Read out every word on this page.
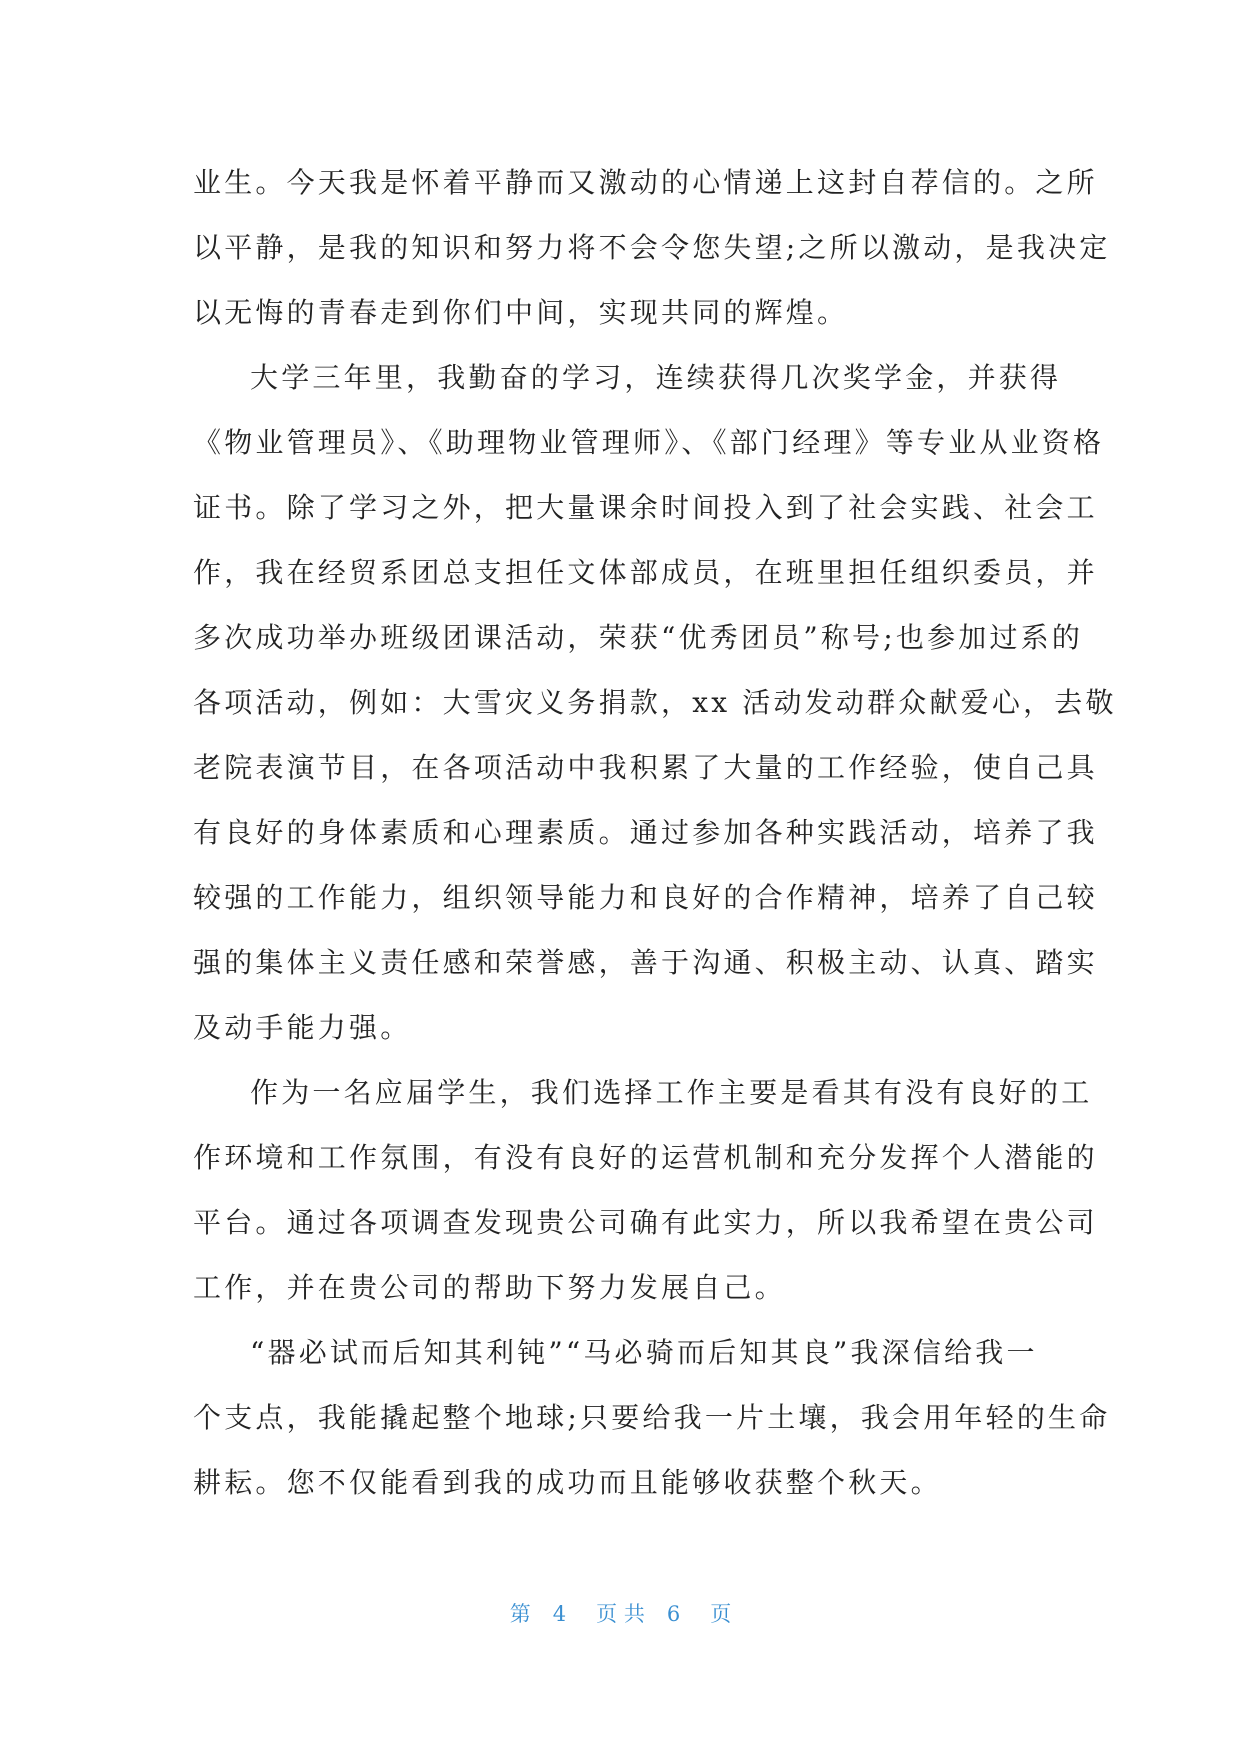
业生。今天我是怀着平静而又激动的心情递上这封自荐信的。之所
以平静，是我的知识和努力将不会令您失望;之所以激动，是我决定
以无悔的青春走到你们中间，实现共同的辉煌。
大学三年里，我勤奋的学习，连续获得几次奖学金，并获得
《物业管理员》、《助理物业管理师》、《部门经理》等专业从业资格
证书。除了学习之外，把大量课余时间投入到了社会实践、社会工
作，我在经贸系团总支担任文体部成员，在班里担任组织委员，并
多次成功举办班级团课活动，荣获“优秀团员”称号;也参加过系的
各项活动，例如：大雪灾义务捐款，xx 活动发动群众献爱心，去敬
老院表演节目，在各项活动中我积累了大量的工作经验，使自己具
有良好的身体素质和心理素质。通过参加各种实践活动，培养了我
较强的工作能力，组织领导能力和良好的合作精神，培养了自己较
强的集体主义责任感和荣誉感，善于沟通、积极主动、认真、踏实
及动手能力强。
作为一名应届学生，我们选择工作主要是看其有没有良好的工
作环境和工作氛围，有没有良好的运营机制和充分发挥个人潜能的
平台。通过各项调查发现贵公司确有此实力，所以我希望在贵公司
工作，并在贵公司的帮助下努力发展自己。
“器必试而后知其利钝”“马必骑而后知其良”我深信给我一
个支点，我能撬起整个地球;只要给我一片土壤，我会用年轻的生命
耕耘。您不仅能看到我的成功而且能够收获整个秋天。
第 4 页 共 6 页
